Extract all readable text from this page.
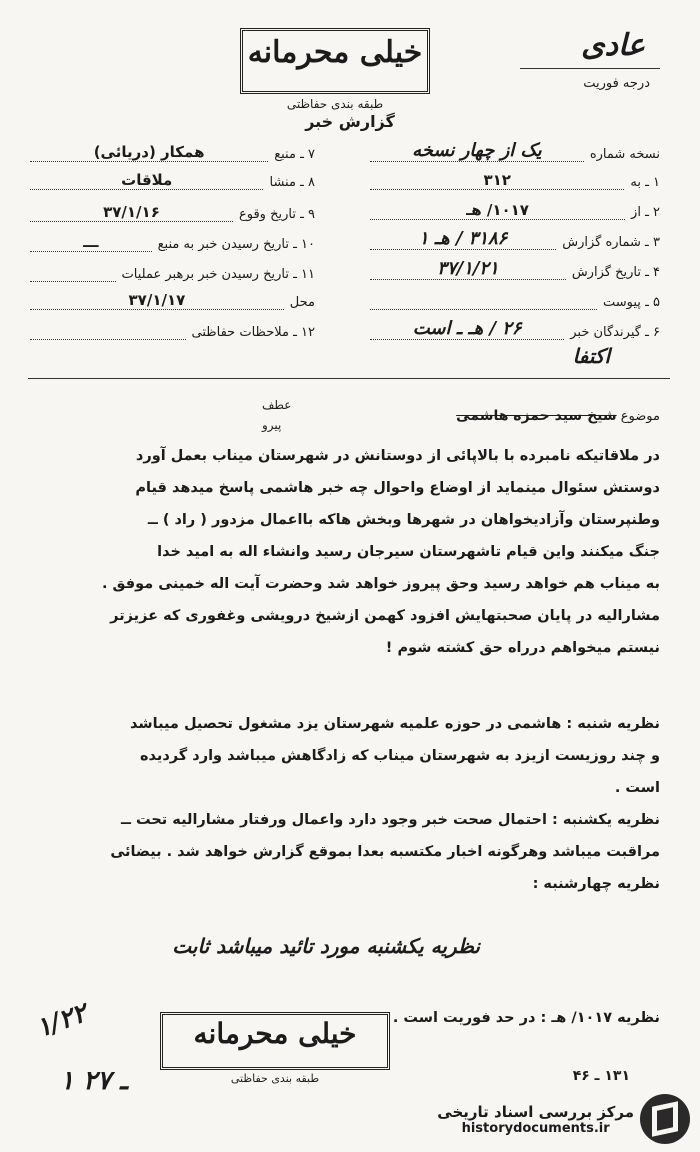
خیلی محرمانه
طبقه بندی حفاظتی
عادی
درجه فوریت
گزارش خبر
نسخه شماره
یک از چهار نسخه
۱ ـ به
۳۱۲
۲ ـ از
۱۰۱۷/ هـ
۳ ـ شماره گزارش
۳۱۸۶ / هـ ۱
۴ ـ تاریخ گزارش
۳۷/۱/۲۱
۵ ـ پیوست
۶ ـ گیرندگان خبر
۲۶ / هـ ـ است
اکتفا
۷ ـ منبع
همکار (دریائی)
۸ ـ منشا
ملاقات
۹ ـ تاریخ وقوع
۳۷/۱/۱۶
۱۰ ـ تاریخ رسیدن خبر به منبع
ـــ
۱۱ ـ تاریخ رسیدن خبر برهبر عملیات
محل
۳۷/۱/۱۷
۱۲ ـ ملاحظات حفاظتی
موضوع شیخ سید حمزه هاشمی
عطف
پیرو

در ملاقاتیکه نامبرده با بالاپائی از دوستانش در شهرستان میناب بعمل آورد

دوستش سئوال مینماید از اوضاع واحوال چه خبر هاشمی پاسخ میدهد قیام

وطنپرستان وآزادیخواهان در شهرها وبخش هاکه بااعمال مزدور ( راد ) ــ

جنگ میکنند واین قیام تاشهرستان سیرجان رسید وانشاء اله به امید خدا

به میناب هم خواهد رسید وحق پیروز خواهد شد وحضرت آیت اله خمینی موفق .

مشارالیه در پایان صحبتهایش افزود کهمن ازشیخ درویشی وغفوری که عزیزتر

نیستم میخواهم درراه حق کشته شوم !

نظریه شنبه : هاشمی در حوزه علمیه شهرستان یزد مشغول تحصیل میباشد

و چند روزیست ازیزد به شهرستان میناب که زادگاهش میباشد وارد گردیده

است .

نظریه یکشنبه : احتمال صحت خبر وجود دارد واعمال ورفتار مشارالیه تحت ــ

مراقبت میباشد وهرگونه اخبار مکتسبه بعدا بموقع گزارش خواهد شد . بیضائی

نظریه چهارشنبه :

نظریه یکشنبه مورد تائید میباشد ثابت
نظریه ۱۰۱۷/ هـ : در حد فوریت است .
۱/۲۲
۱ ـ ۲۷
خیلی محرمانه
طبقه بندی حفاظتی	۱۳۱ ـ ۴۶
مرکز بررسی اسناد تاریخی
historydocuments.ir
